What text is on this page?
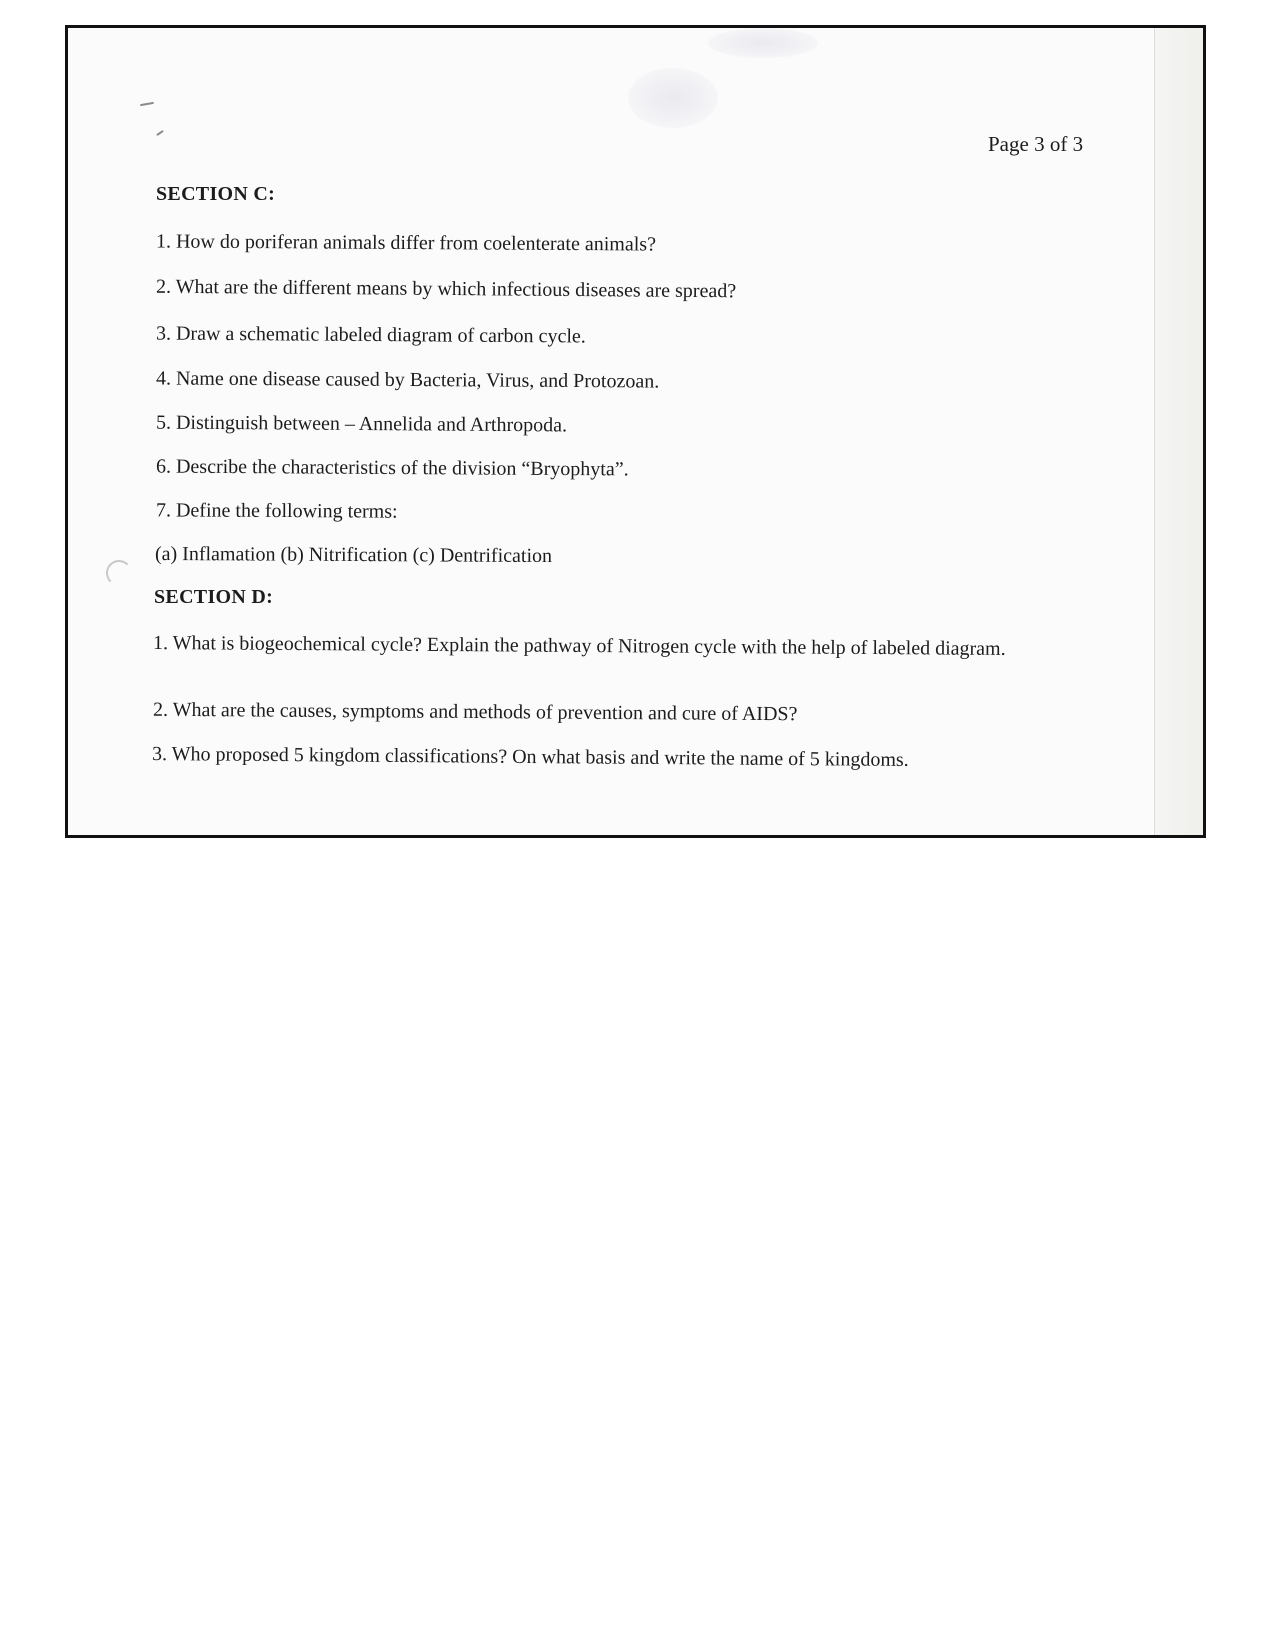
Page 3 of 3
SECTION C:
1. How do poriferan animals differ from coelenterate animals?
2. What are the different means by which infectious diseases are spread?
3. Draw a schematic labeled diagram of carbon cycle.
4. Name one disease caused by Bacteria, Virus, and Protozoan.
5. Distinguish between – Annelida and Arthropoda.
6. Describe the characteristics of the division “Bryophyta”.
7. Define the following terms:
(a) Inflamation (b) Nitrification (c) Dentrification
SECTION D:
1. What is biogeochemical cycle? Explain the pathway of Nitrogen cycle with the help of labeled diagram.
2. What are the causes, symptoms and methods of prevention and cure of AIDS?
3. Who proposed 5 kingdom classifications? On what basis and write the name of 5 kingdoms.
